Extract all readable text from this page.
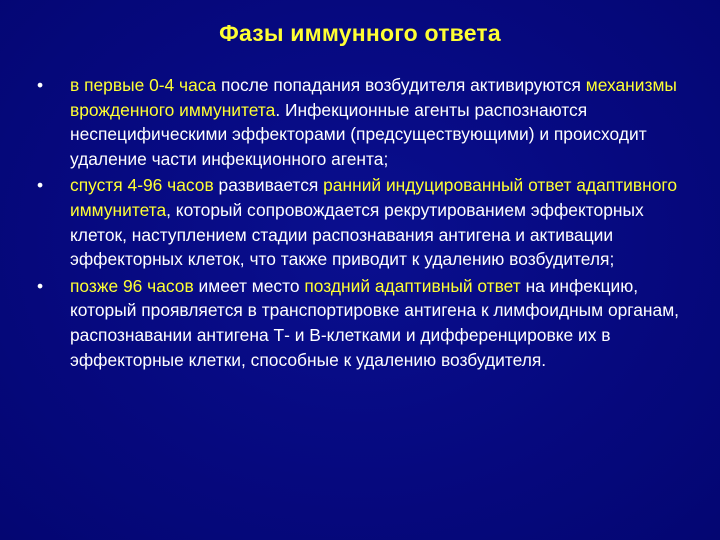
Фазы иммунного ответа
•	в первые 0-4 часа после попадания возбудителя активируются механизмы врожденного иммунитета. Инфекционные агенты распознаются неспецифическими эффекторами (предсуществующими) и происходит удаление части инфекционного агента;
•	спустя 4-96 часов развивается ранний индуцированный ответ адаптивного иммунитета, который сопровождается рекрутированием эффекторных клеток, наступлением стадии распознавания антигена и активации эффекторных клеток, что также приводит к удалению возбудителя;
•	позже 96 часов имеет место поздний адаптивный ответ на инфекцию, который проявляется в транспортировке антигена к лимфоидным органам, распознавании антигена Т- и В-клетками и дифференцировке их в эффекторные клетки, способные к удалению возбудителя.
